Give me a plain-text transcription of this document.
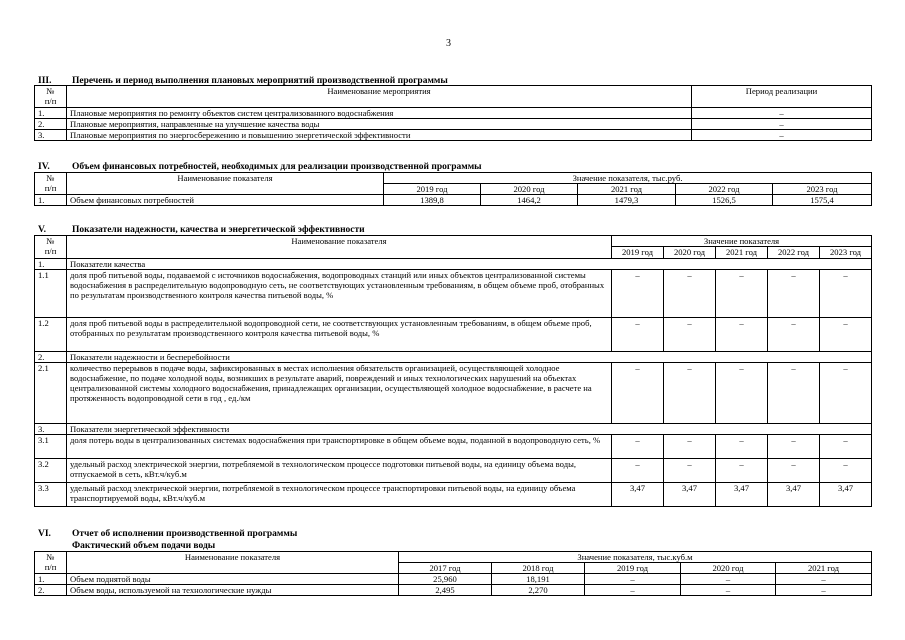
3
III. Перечень и период выполнения плановых мероприятий производственной программы
№
п/п	Наименование мероприятия	Период реализации
1.	Плановые мероприятия по ремонту объектов систем централизованного водоснабжения	–
2.	Плановые мероприятия, направленные на улучшение качества воды	–
3.	Плановые мероприятия по энергосбережению и повышению энергетической эффективности	–
IV. Объем финансовых потребностей, необходимых для реализации производственной программы
№
п/п	Наименование показателя	Значение показателя, тыс.руб.				
		2019 год	2020 год	2021 год	2022 год	2023 год
1.	Объем финансовых потребностей	1389,8	1464,2	1479,3	1526,5	1575,4
V.	Показатели надежности, качества и энергетической эффективности
№
п/п	Наименование показателя	Значение показателя				
		2019 год	2020 год	2021 год	2022 год	2023 год
1.	Показатели качества					
1.1	доля проб питьевой воды, подаваемой с источников водоснабжения, водопроводных станций или иных объектов централизованной системы водоснабжения в распределительную водопроводную сеть, не соответствующих установленным требованиям, в общем объеме проб, отобранных по результатам производственного контроля качества питьевой воды, %	–	–	–	–	–
1.2	доля проб питьевой воды в распределительной водопроводной сети, не соответствующих установленным требованиям, в общем объеме проб, отобранных по результатам производственного контроля качества питьевой воды, %	–	–	–	–	–
2.	Показатели надежности и бесперебойности					
2.1	количество перерывов в подаче воды, зафиксированных в местах исполнения обязательств организацией, осуществляющей холодное водоснабжение, по подаче холодной воды, возникших в результате аварий, повреждений и иных технологических нарушений на объектах централизованной системы холодного водоснабжения, принадлежащих организации, осуществляющей холодное водоснабжение, в расчете на протяженность водопроводной сети в год , ед./км	–	–	–	–	–
3.	Показатели энергетической эффективности					
3.1	доля потерь воды в централизованных системах водоснабжения при транспортировке в общем объеме воды, поданной в водопроводную сеть, %	–	–	–	–	–
3.2	удельный расход электрической энергии, потребляемой в технологическом процессе подготовки питьевой воды, на единицу объема воды, отпускаемой в сеть, кВт.ч/куб.м	–	–	–	–	–
3.3	удельный расход электрической энергии, потребляемой в технологическом процессе транспортировки питьевой воды, на единицу объема транспортируемой воды, кВт.ч/куб.м	3,47	3,47	3,47	3,47	3,47
VI. Отчет об исполнении производственной программы
Фактический объем подачи воды
№
п/п	Наименование показателя	Значение показателя, тыс.куб.м				
		2017 год	2018 год	2019 год	2020 год	2021 год
1.	Объем поднятой воды	25,960	18,191	–	–	–
2.	Объем воды, используемой на технологические нужды	2,495	2,270	–	–	–
